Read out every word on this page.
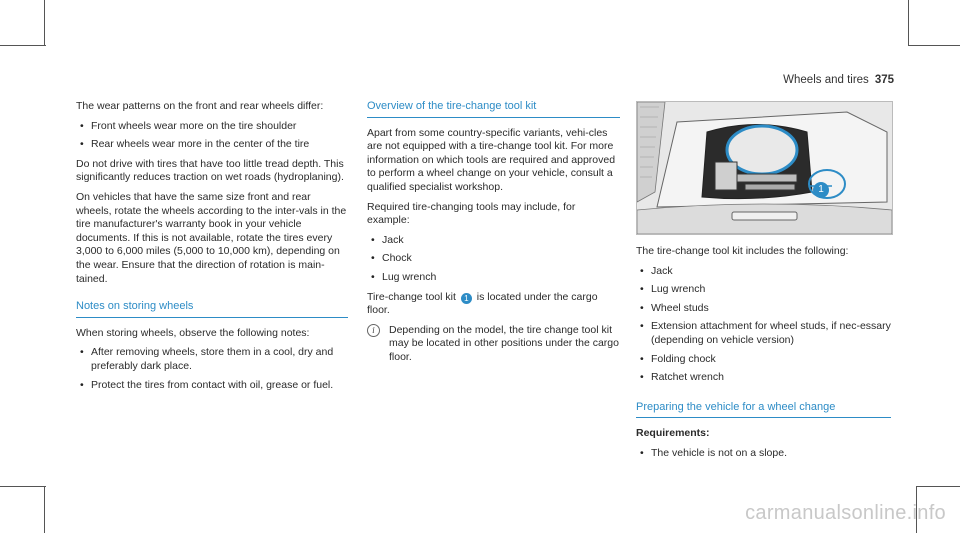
Wheels and tires 375

The wear patterns on the front and rear wheels differ:

• Front wheels wear more on the tire shoulder
• Rear wheels wear more in the center of the tire

Do not drive with tires that have too little tread depth. This significantly reduces traction on wet roads (hydroplaning).

On vehicles that have the same size front and rear wheels, rotate the wheels according to the inter-vals in the tire manufacturer's warranty book in your vehicle documents. If this is not available, rotate the tires every 3,000 to 6,000 miles (5,000 to 10,000 km), depending on the wear. Ensure that the direction of rotation is main-tained.

Notes on storing wheels

When storing wheels, observe the following notes:

• After removing wheels, store them in a cool, dry and preferably dark place.
• Protect the tires from contact with oil, grease or fuel.
Overview of the tire-change tool kit

Apart from some country-specific variants, vehi-cles are not equipped with a tire-change tool kit. For more information on which tools are required and approved to perform a wheel change on your vehicle, consult a qualified specialist workshop.

Required tire-changing tools may include, for example:

• Jack
• Chock
• Lug wrench

Tire-change tool kit 1 is located under the cargo floor.

i	Depending on the model, the tire change tool kit may be located in other positions under the cargo floor.
1

The tire-change tool kit includes the following:

• Jack
• Lug wrench
• Wheel studs
• Extension attachment for wheel studs, if nec-essary (depending on vehicle version)
• Folding chock
• Ratchet wrench
Preparing the vehicle for a wheel change

Requirements:

• The vehicle is not on a slope.
carmanualsonline.info
